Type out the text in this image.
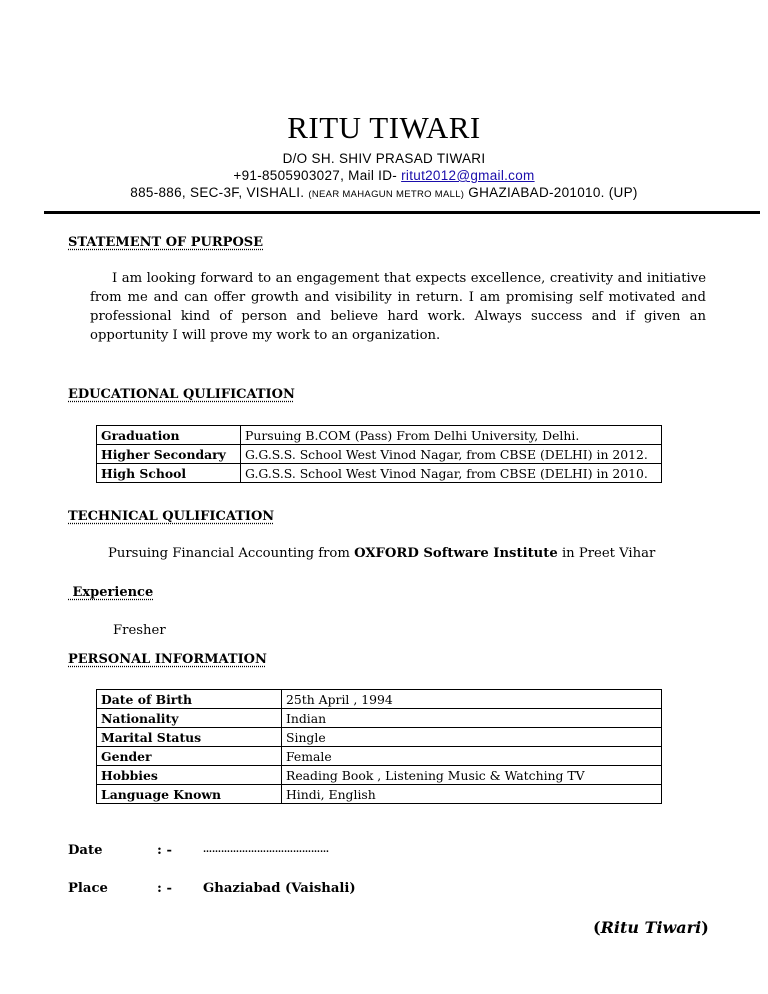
RITU TIWARI
D/O SH. SHIV PRASAD TIWARI
+91-8505903027, Mail ID- ritut2012@gmail.com
885-886, SEC-3F, VISHALI. (NEAR MAHAGUN METRO MALL) GHAZIABAD-201010. (UP)
STATEMENT OF PURPOSE
I am looking forward to an engagement that expects excellence, creativity and initiative from me and can offer growth and visibility in return. I am promising self motivated and professional kind of person and believe hard work. Always success and if given an opportunity I will prove my work to an organization.
EDUCATIONAL QULIFICATION
Graduation	Pursuing B.COM (Pass) From Delhi University, Delhi.
Higher Secondary	G.G.S.S. School West Vinod Nagar, from CBSE (DELHI) in 2012.
High School	G.G.S.S. School West Vinod Nagar, from CBSE (DELHI) in 2010.
TECHNICAL QULIFICATION
Pursuing Financial Accounting from OXFORD Software Institute in Preet Vihar
Experience
Fresher
PERSONAL INFORMATION
Date of Birth	25th April , 1994
Nationality	Indian
Marital Status	Single
Gender	Female
Hobbies	Reading Book , Listening Music & Watching TV
Language Known	Hindi, English
Date	: -	……………………………………
Place	: - Ghaziabad (Vaishali)
(Ritu Tiwari)
